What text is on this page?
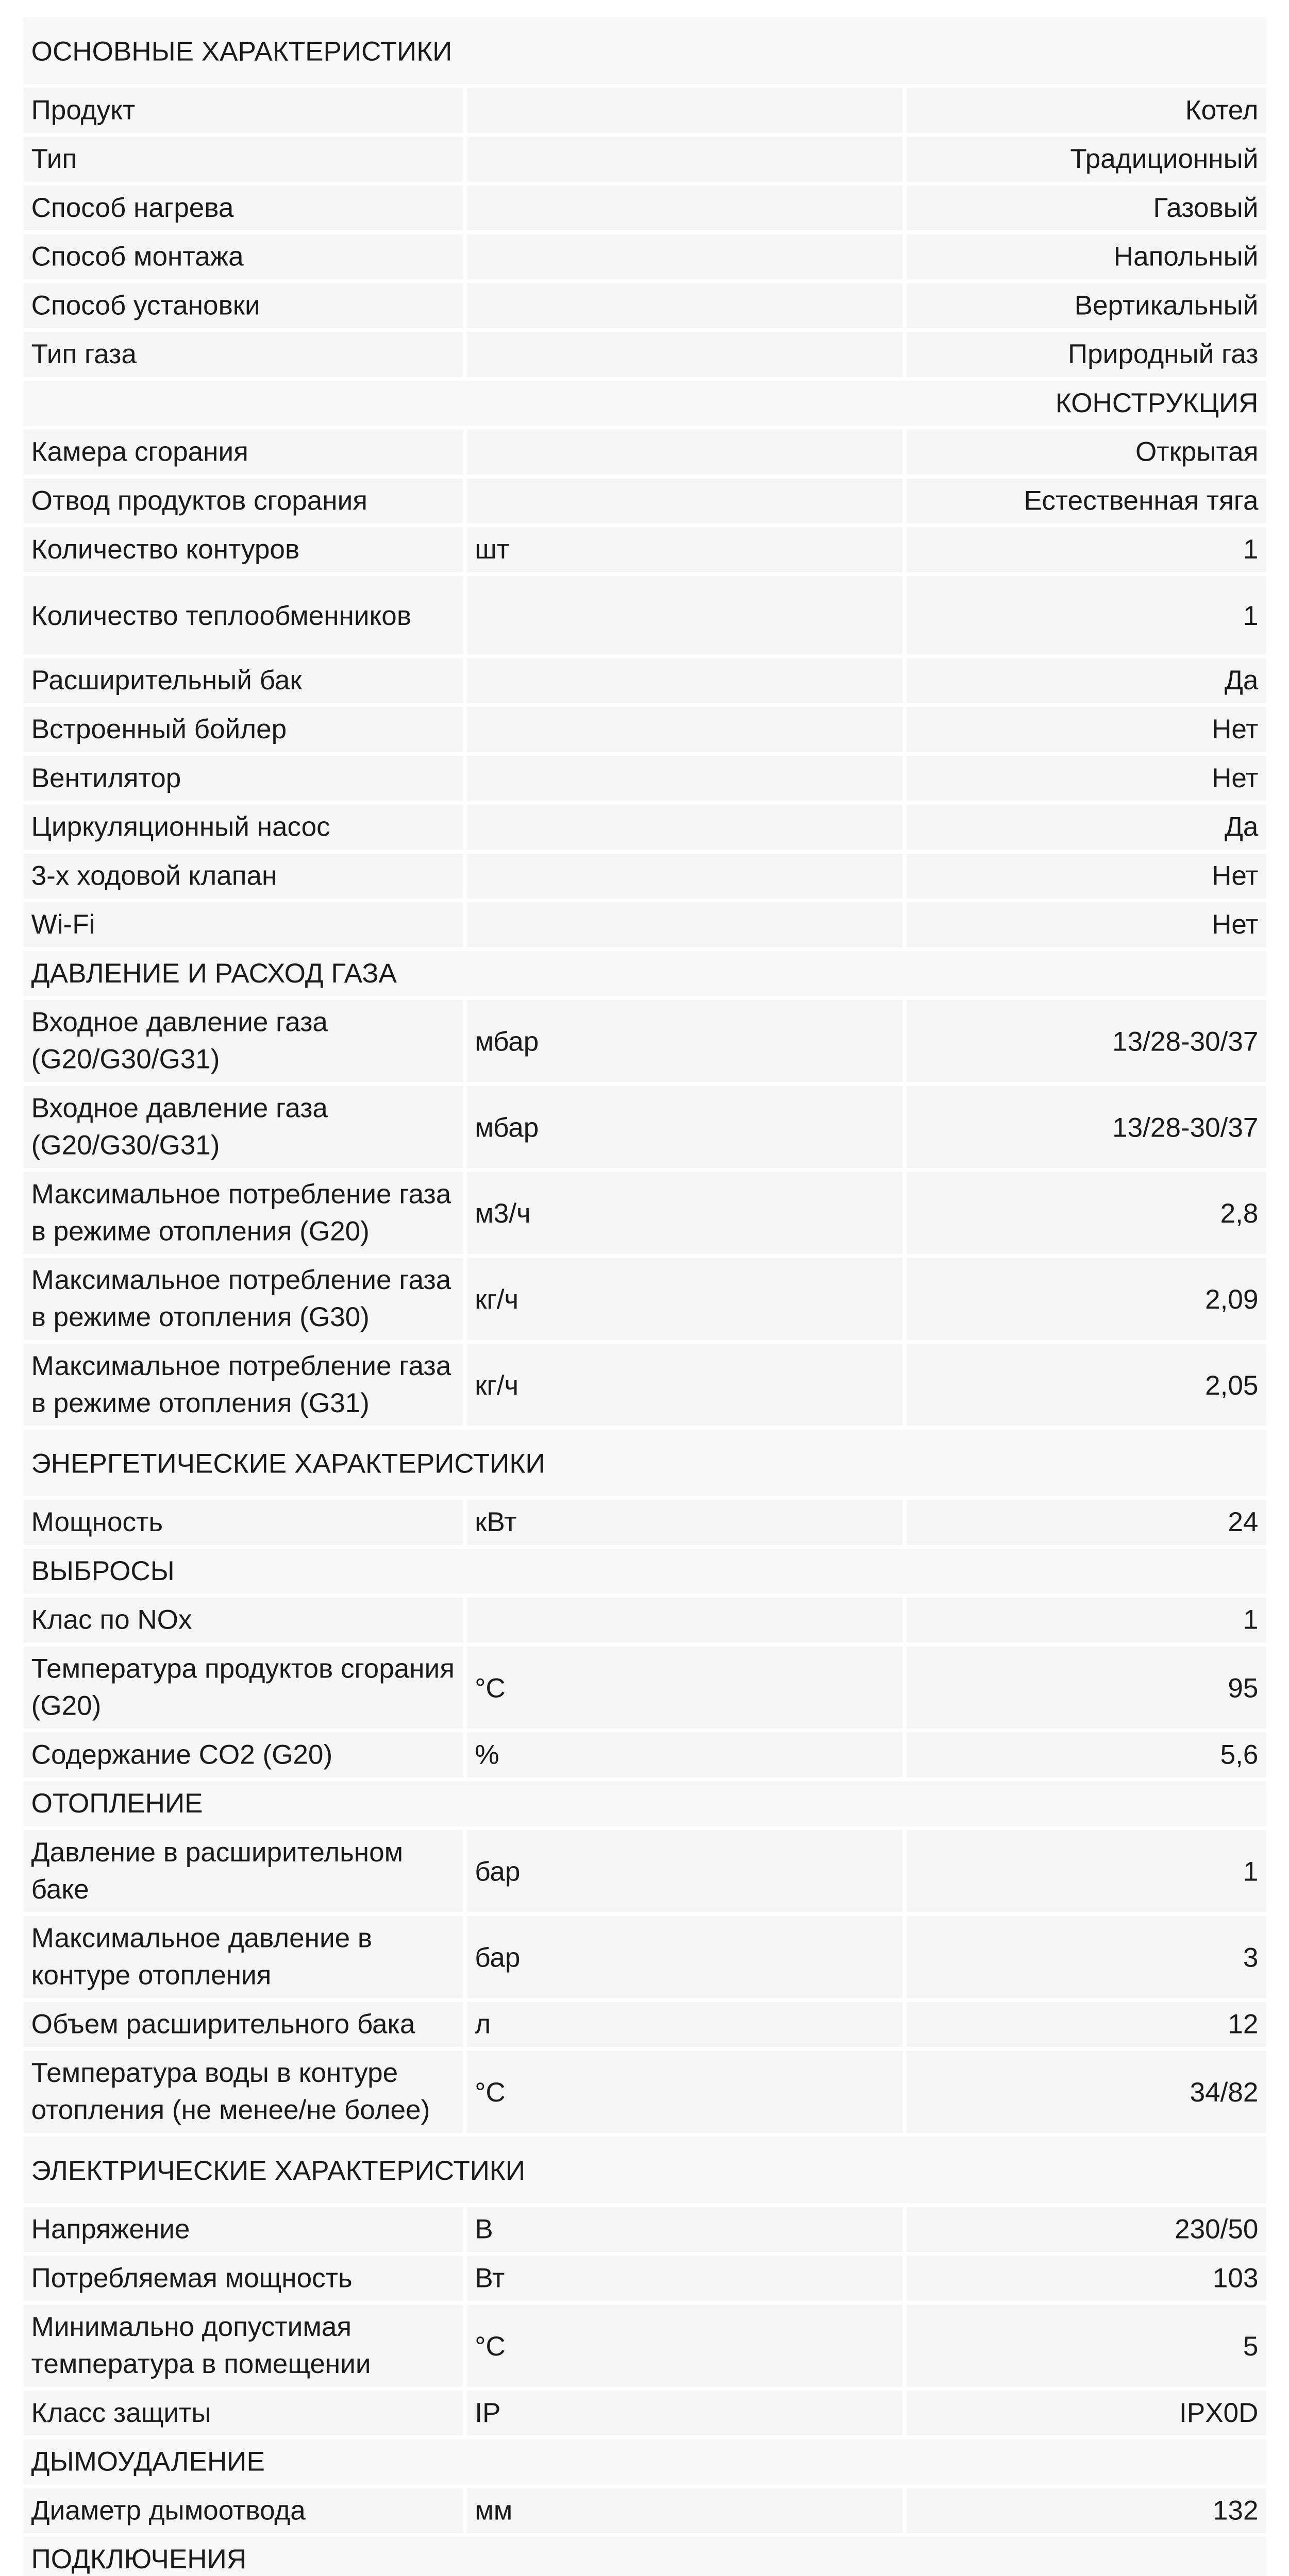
ОСНОВНЫЕ ХАРАКТЕРИСТИКИ		
Продукт		Котел
Тип		Традиционный
Способ нагрева		Газовый
Способ монтажа		Напольный
Способ установки		Вертикальный
Тип газа		Природный газ
КОНСТРУКЦИЯ		
Камера сгорания		Открытая
Отвод продуктов сгорания		Естественная тяга
Количество контуров	шт	1
Количество теплообменников		1
Расширительный бак		Да
Встроенный бойлер		Нет
Вентилятор		Нет
Циркуляционный насос		Да
3-х ходовой клапан		Нет
Wi-Fi		Нет
ДАВЛЕНИЕ И РАСХОД ГАЗА		
Входное давление газа (G20/G30/G31)	мбар	13/28-30/37
Входное давление газа (G20/G30/G31)	мбар	13/28-30/37
Максимальное потребление газа в режиме отопления (G20)	м3/ч	2,8
Максимальное потребление газа в режиме отопления (G30)	кг/ч	2,09
Максимальное потребление газа в режиме отопления (G31)	кг/ч	2,05
ЭНЕРГЕТИЧЕСКИЕ ХАРАКТЕРИСТИКИ		
Мощность	кВт	24
ВЫБРОСЫ		
Клас по NOx		1
Температура продуктов сгорания (G20)	°C	95
Содержание CO2 (G20)	%	5,6
ОТОПЛЕНИЕ		
Давление в расширительном баке	бар	1
Максимальное давление в контуре отопления	бар	3
Объем расширительного бака	л	12
Температура воды в контуре отопления (не менее/не более)	°C	34/82
ЭЛЕКТРИЧЕСКИЕ ХАРАКТЕРИСТИКИ		
Напряжение	В	230/50
Потребляемая мощность	Вт	103
Минимально допустимая температура в помещении	°C	5
Класс защиты	IP	IPX0D
ДЫМОУДАЛЕНИЕ		
Диаметр дымоотвода	мм	132
ПОДКЛЮЧЕНИЯ		
